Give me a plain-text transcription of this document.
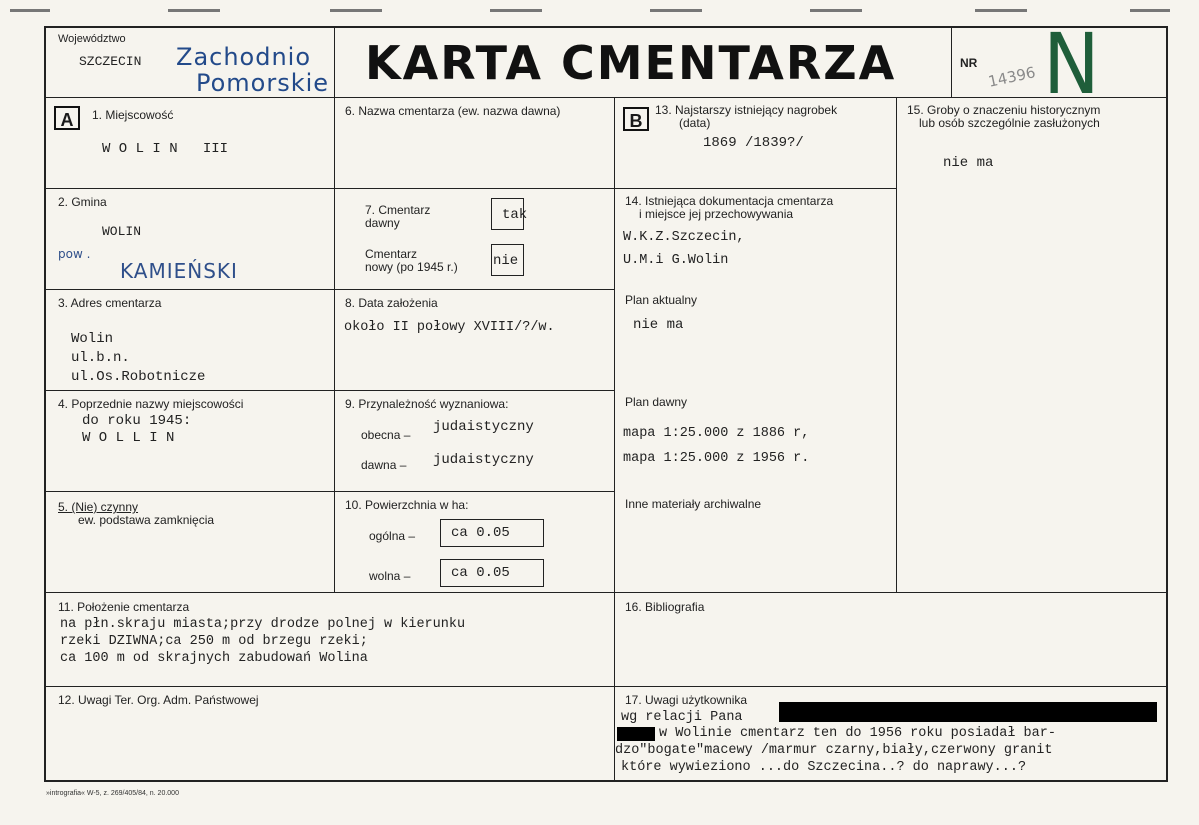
Województwo
SZCZECIN Zachodnio
Pomorskie KARTA CMENTARZA	NR
14396 N
A	1. Miejscowość
W O L I N   III
2. Gmina
WOLIN
pow .
KAMIEŃSKI
3. Adres cmentarza
Wolin
ul.b.n.
ul.Os.Robotnicze
4. Poprzednie nazwy miejscowości
do roku 1945:
W O L L I N
5. (Nie) czynny
ew. podstawa zamknięcia
6. Nazwa cmentarza (ew. nazwa dawna)
7. Cmentarz
dawny	tak
Cmentarz
nowy (po 1945 r.)	nie
8. Data założenia
około II połowy XVIII/?/w.
9. Przynależność wyznaniowa:
obecna – judaistyczny
dawna – judaistyczny
10. Powierzchnia w ha:
ogólna –	ca 0.05
wolna –	ca 0.05
B
13. Najstarszy istniejący nagrobek
(data)
1869 /1839?/
14. Istniejąca dokumentacja cmentarza
i miejsce jej przechowywania
W.K.Z.Szczecin,
U.M.i G.Wolin
Plan aktualny
nie ma
Plan dawny
mapa 1:25.000 z 1886 r,
mapa 1:25.000 z 1956 r.
Inne materiały archiwalne
15. Groby o znaczeniu historycznym
lub osób szczególnie zasłużonych
nie ma
11. Położenie cmentarza
na płn.skraju miasta;przy drodze polnej w kierunku
rzeki DZIWNA;ca 250 m od brzegu rzeki;
ca 100 m od skrajnych zabudowań Wolina
16. Bibliografia
12. Uwagi Ter. Org. Adm. Państwowej	17. Uwagi użytkownika
wg relacji Pana
w Wolinie cmentarz ten do 1956 roku posiadał bar-
dzo"bogate"macewy /marmur czarny,biały,czerwony granit
które wywieziono ...do Szczecina..? do naprawy...?
»intrografia« W-5, z. 269/405/84, n. 20.000
